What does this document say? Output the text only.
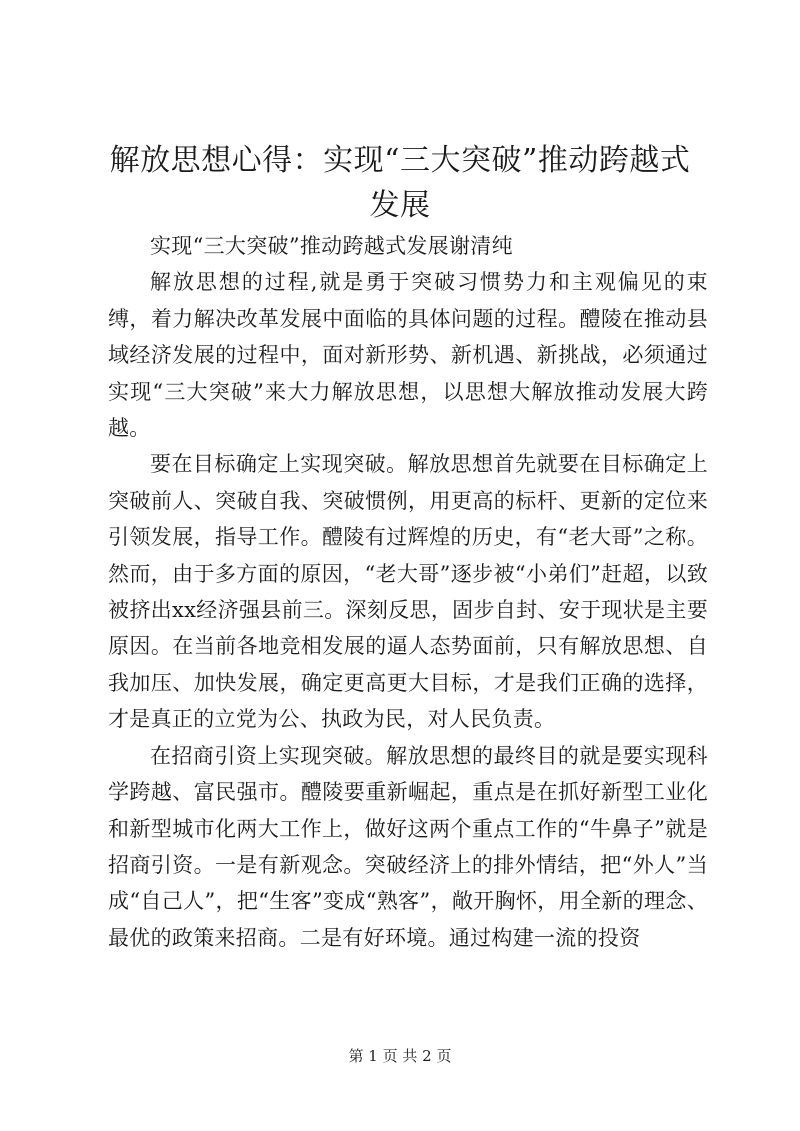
解放思想心得：实现“三大突破”推动跨越式发展

实现“三大突破”推动跨越式发展谢清纯

解放思想的过程,就是勇于突破习惯势力和主观偏见的束缚，着力解决改革发展中面临的具体问题的过程。醴陵在推动县域经济发展的过程中，面对新形势、新机遇、新挑战，必须通过实现“三大突破”来大力解放思想，以思想大解放推动发展大跨越。

要在目标确定上实现突破。解放思想首先就要在目标确定上突破前人、突破自我、突破惯例，用更高的标杆、更新的定位来引领发展，指导工作。醴陵有过辉煌的历史，有“老大哥”之称。然而，由于多方面的原因，“老大哥”逐步被“小弟们”赶超，以致被挤出xx经济强县前三。深刻反思，固步自封、安于现状是主要原因。在当前各地竞相发展的逼人态势面前，只有解放思想、自我加压、加快发展，确定更高更大目标，才是我们正确的选择，才是真正的立党为公、执政为民，对人民负责。

在招商引资上实现突破。解放思想的最终目的就是要实现科学跨越、富民强市。醴陵要重新崛起，重点是在抓好新型工业化和新型城市化两大工作上，做好这两个重点工作的“牛鼻子”就是招商引资。一是有新观念。突破经济上的排外情结，把“外人”当成“自己人”，把“生客”变成“熟客”，敞开胸怀，用全新的理念、最优的政策来招商。二是有好环境。通过构建一流的投资

第 1 页 共 2 页
